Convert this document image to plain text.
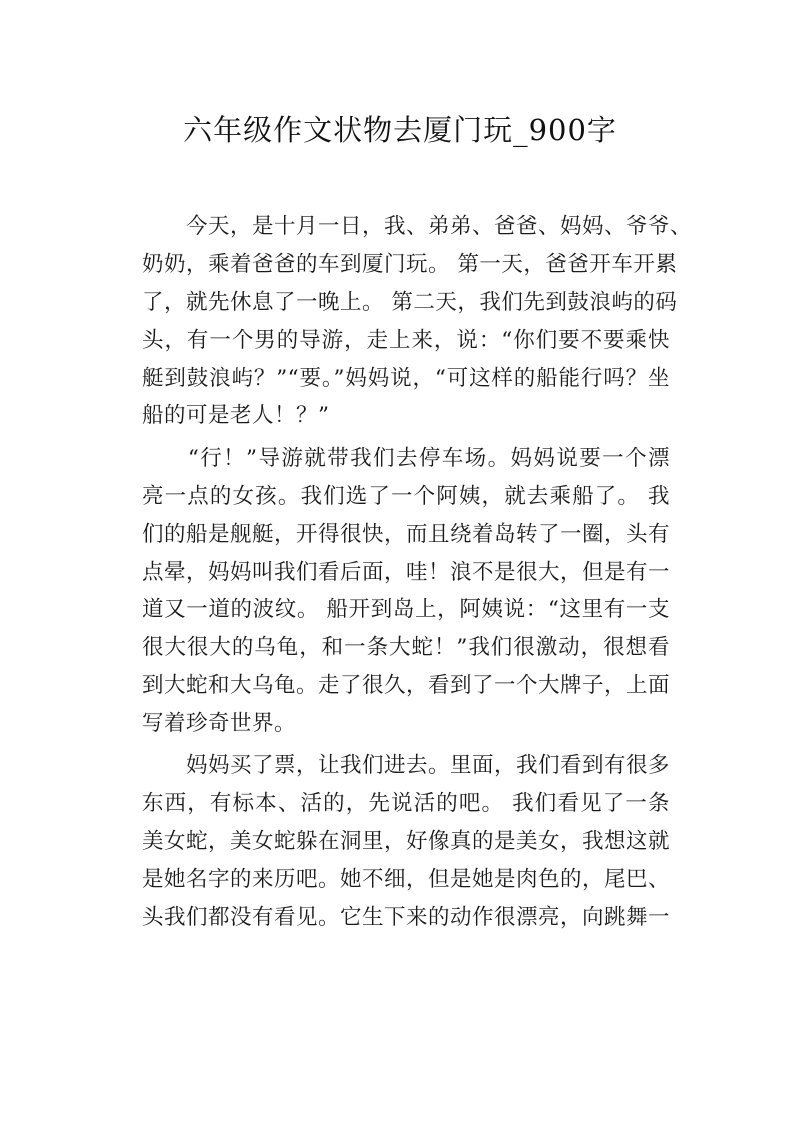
六年级作文状物去厦门玩_900字
　　今天，是十月一日，我、弟弟、爸爸、妈妈、爷爷、
奶奶，乘着爸爸的车到厦门玩。 第一天，爸爸开车开累
了，就先休息了一晚上。 第二天，我们先到鼓浪屿的码
头，有一个男的导游，走上来，说：“你们要不要乘快
艇到鼓浪屿？”“要。”妈妈说，“可这样的船能行吗？坐
船的可是老人！？”
　　“行！”导游就带我们去停车场。妈妈说要一个漂
亮一点的女孩。我们选了一个阿姨，就去乘船了。 我
们的船是舰艇，开得很快，而且绕着岛转了一圈，头有
点晕，妈妈叫我们看后面，哇！浪不是很大，但是有一
道又一道的波纹。 船开到岛上，阿姨说：“这里有一支
很大很大的乌龟，和一条大蛇！”我们很激动，很想看
到大蛇和大乌龟。走了很久，看到了一个大牌子，上面
写着珍奇世界。
　　妈妈买了票，让我们进去。里面，我们看到有很多
东西，有标本、活的，先说活的吧。 我们看见了一条
美女蛇，美女蛇躲在洞里，好像真的是美女，我想这就
是她名字的来历吧。她不细，但是她是肉色的，尾巴、
头我们都没有看见。它生下来的动作很漂亮，向跳舞一
